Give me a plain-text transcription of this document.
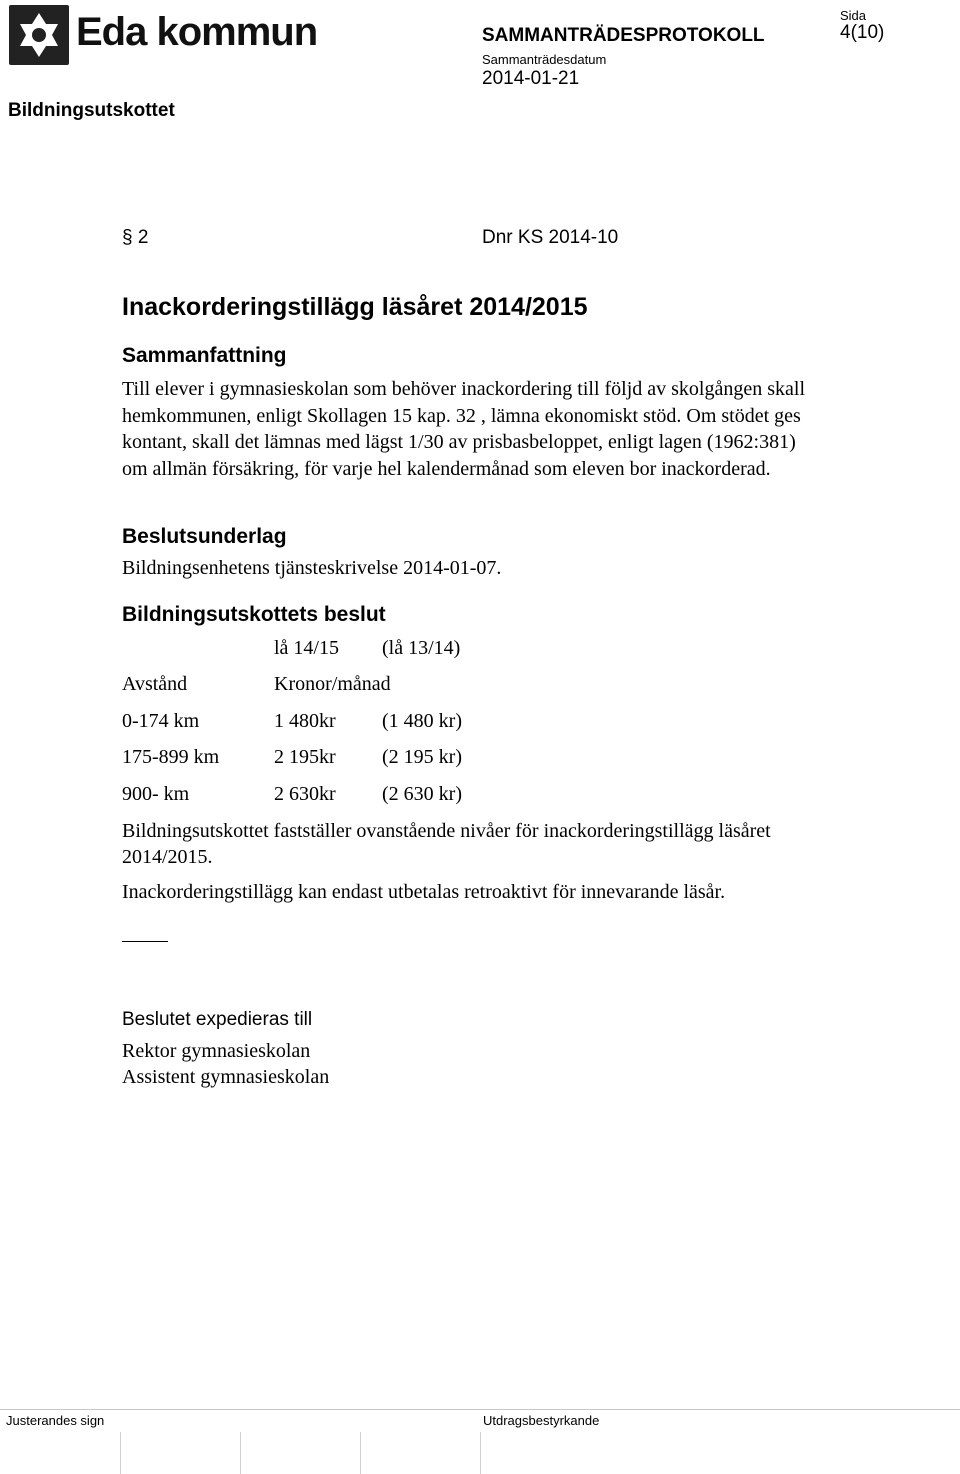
Eda kommun	SAMMANTRÄDESPROTOKOLL
Sammanträdesdatum
2014-01-21
Sida
4(10)
Bildningsutskottet
§ 2	Dnr KS 2014-10
Inackorderingstillägg läsåret 2014/2015
Sammanfattning
Till elever i gymnasieskolan som behöver inackordering till följd av skolgången skall hemkommunen, enligt Skollagen 15 kap. 32 , lämna ekonomiskt stöd. Om stödet ges kontant, skall det lämnas med lägst 1/30 av prisbasbeloppet, enligt lagen (1962:381) om allmän försäkring, för varje hel kalendermånad som eleven bor inackorderad.
Beslutsunderlag
Bildningsenhetens tjänsteskrivelse 2014-01-07.
Bildningsutskottets beslut
lå 14/15 (lå 13/14)
Avstånd	Kronor/månad
0-174 km	1 480kr (1 480 kr)
175-899 km	2 195kr (2 195 kr)
900- km	2 630kr (2 630 kr)
Bildningsutskottet fastställer ovanstående nivåer för inackorderingstillägg läsåret 2014/2015.
Inackorderingstillägg kan endast utbetalas retroaktivt för innevarande läsår.
Beslutet expedieras till
Rektor gymnasieskolan
Assistent gymnasieskolan
Justerandes sign	Utdragsbestyrkande
